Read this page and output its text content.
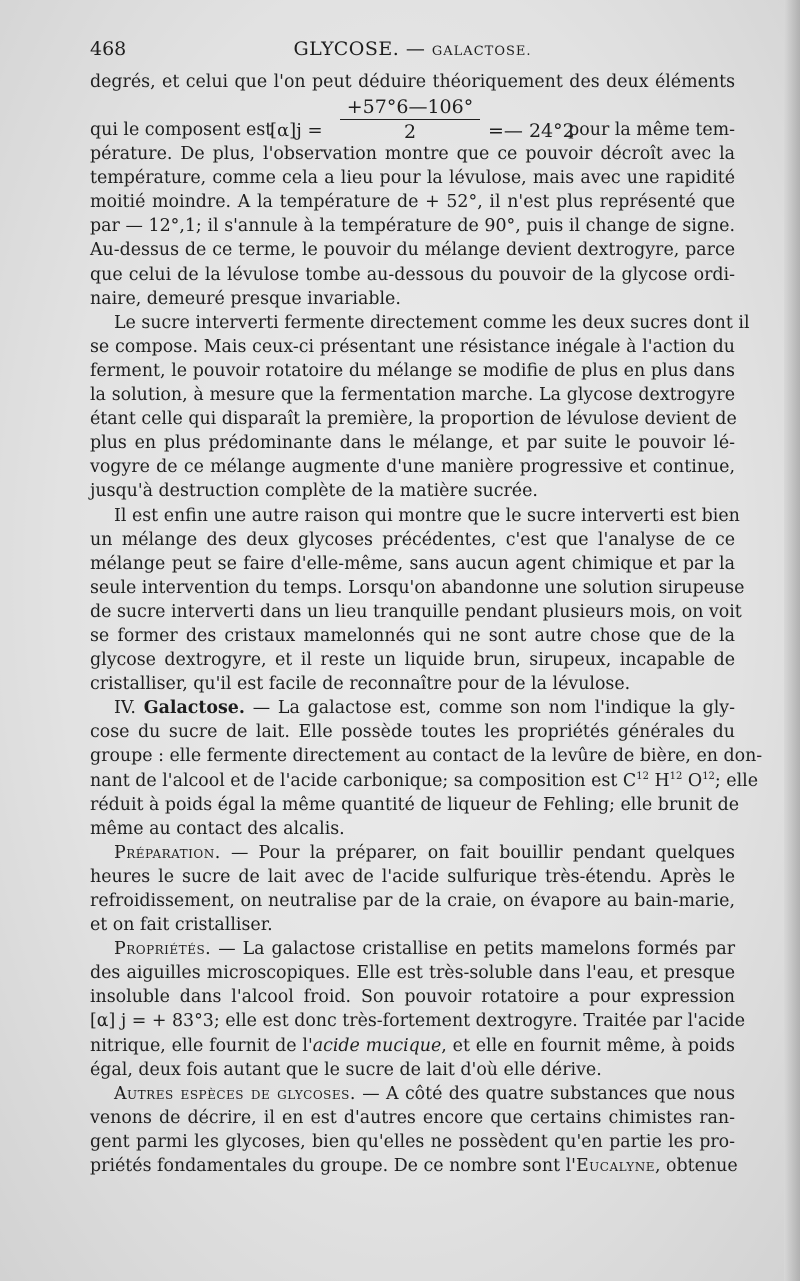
468	GLYCOSE. — GALACTOSE.
degrés, et celui que l'on peut déduire théoriquement des deux éléments
qui le composent est
[α]j =
+57°6—106°
2	=— 24°2
pour la même tem-
pérature. De plus, l'observation montre que ce pouvoir décroît avec la
température, comme cela a lieu pour la lévulose, mais avec une rapidité
moitié moindre. A la température de + 52°, il n'est plus représenté que
par — 12°,1; il s'annule à la température de 90°, puis il change de signe.
Au-dessus de ce terme, le pouvoir du mélange devient dextrogyre, parce
que celui de la lévulose tombe au-dessous du pouvoir de la glycose ordi-
naire, demeuré presque invariable.
Le sucre interverti fermente directement comme les deux sucres dont il
se compose. Mais ceux-ci présentant une résistance inégale à l'action du
ferment, le pouvoir rotatoire du mélange se modifie de plus en plus dans
la solution, à mesure que la fermentation marche. La glycose dextrogyre
étant celle qui disparaît la première, la proportion de lévulose devient de
plus en plus prédominante dans le mélange, et par suite le pouvoir lé-
vogyre de ce mélange augmente d'une manière progressive et continue,
jusqu'à destruction complète de la matière sucrée.
Il est enfin une autre raison qui montre que le sucre interverti est bien
un mélange des deux glycoses précédentes, c'est que l'analyse de ce
mélange peut se faire d'elle-même, sans aucun agent chimique et par la
seule intervention du temps. Lorsqu'on abandonne une solution sirupeuse
de sucre interverti dans un lieu tranquille pendant plusieurs mois, on voit
se former des cristaux mamelonnés qui ne sont autre chose que de la
glycose dextrogyre, et il reste un liquide brun, sirupeux, incapable de
cristalliser, qu'il est facile de reconnaître pour de la lévulose.
IV. Galactose. — La galactose est, comme son nom l'indique la gly-
cose du sucre de lait. Elle possède toutes les propriétés générales du
groupe : elle fermente directement au contact de la levûre de bière, en don-
nant de l'alcool et de l'acide carbonique; sa composition est $C^{12}$ $H^{12}$ $O^{12}$; elle
réduit à poids égal la même quantité de liqueur de Fehling; elle brunit de
même au contact des alcalis.
Préparation. — Pour la préparer, on fait bouillir pendant quelques
heures le sucre de lait avec de l'acide sulfurique très-étendu. Après le
refroidissement, on neutralise par de la craie, on évapore au bain-marie,
et on fait cristalliser.
Propriétés. — La galactose cristallise en petits mamelons formés par
des aiguilles microscopiques. Elle est très-soluble dans l'eau, et presque
insoluble dans l'alcool froid. Son pouvoir rotatoire a pour expression
[α] j = + 83°3; elle est donc très-fortement dextrogyre. Traitée par l'acide
nitrique, elle fournit de l'acide mucique, et elle en fournit même, à poids
égal, deux fois autant que le sucre de lait d'où elle dérive.
Autres espèces de glycoses. — A côté des quatre substances que nous
venons de décrire, il en est d'autres encore que certains chimistes ran-
gent parmi les glycoses, bien qu'elles ne possèdent qu'en partie les pro-
priétés fondamentales du groupe. De ce nombre sont l'Eucalyne, obtenue
